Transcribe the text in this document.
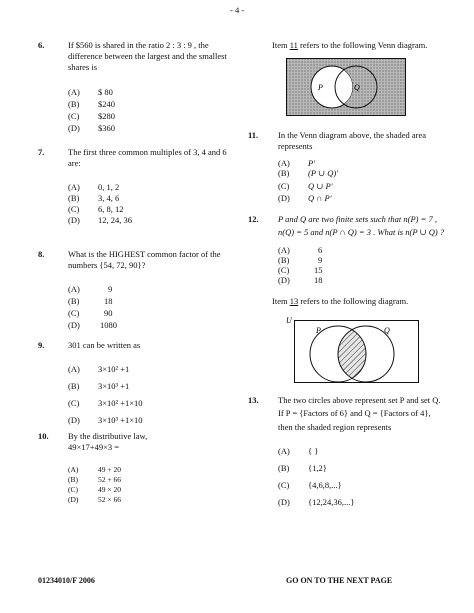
- 4 -
6.	If $560 is shared in the ratio 2 : 3 : 9 , the
difference between the largest and the smallest
shares is
(A) $ 80
(B) $240
(C) $280
(D) $360
7.	The first three common multiples of 3, 4 and 6
are:
(A) 0, 1, 2
(B) 3, 4, 6
(C) 6, 8, 12
(D) 12, 24, 36
8.	What is the HIGHEST common factor of the
numbers {54, 72, 90}?
(A)	9
(B)	18
(C)	90
(D) 1080
9.	301 can be written as
(A) 3×10² +1
(B) 3×10³ +1
(C) 3×10² +1×10
(D) 3×10³ +1×10
10. By the distributive law,
49×17+49×3 =
(A)	49 + 20
(B)	52 + 66
(C)	49 × 20
(D)	52 × 66
Item 11 refers to the following Venn diagram.
P	Q
11. In the Venn diagram above, the shaded area
represents
(A) P′
(B) (P ∪ Q)′
(C) Q ∪ P′
(D) Q ∩ P′
12. P and Q are two finite sets such that n(P) = 7 ,
n(Q) = 5 and n(P ∩ Q) = 3 . What is n(P ∪ Q) ?
(A)	6
(B)	9
(C)	15
(D)	18
Item 13 refers to the following diagram.
U
P	Q
13. The two circles above represent set P and set Q.
If P = {Factors of 6} and Q = {Factors of 4},
then the shaded region represents
(A) { }
(B) {1,2}
(C) {4,6,8,...}
(D) {12,24,36,...}
01234010/F 2006	GO ON TO THE NEXT PAGE
